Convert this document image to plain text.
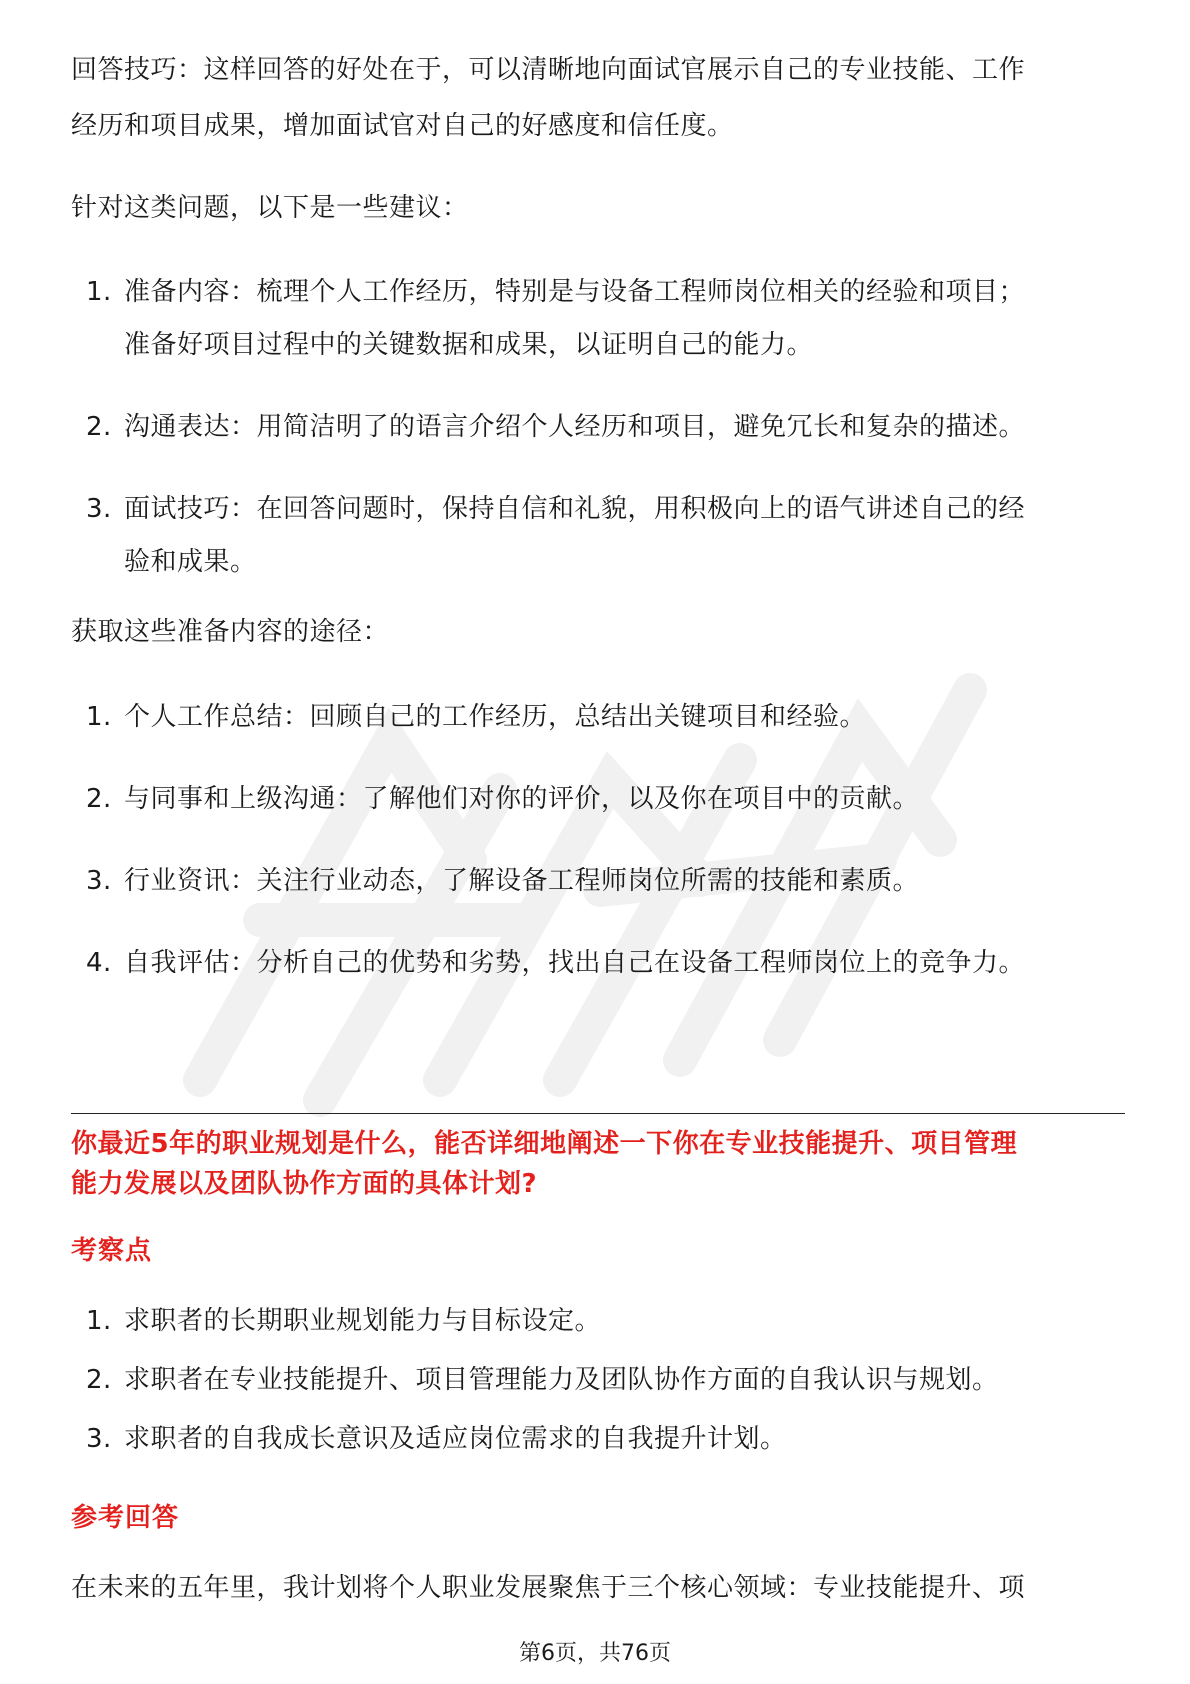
回答技巧：这样回答的好处在于，可以清晰地向面试官展示自己的专业技能、工作
经历和项目成果，增加面试官对自己的好感度和信任度。

针对这类问题，以下是一些建议：

1. 准备内容：梳理个人工作经历，特别是与设备工程师岗位相关的经验和项目；
准备好项目过程中的关键数据和成果，以证明自己的能力。
2. 沟通表达：用简洁明了的语言介绍个人经历和项目，避免冗长和复杂的描述。
3. 面试技巧：在回答问题时，保持自信和礼貌，用积极向上的语气讲述自己的经
验和成果。

获取这些准备内容的途径：

1. 个人工作总结：回顾自己的工作经历，总结出关键项目和经验。
2. 与同事和上级沟通：了解他们对你的评价，以及你在项目中的贡献。
3. 行业资讯：关注行业动态，了解设备工程师岗位所需的技能和素质。
4. 自我评估：分析自己的优势和劣势，找出自己在设备工程师岗位上的竞争力。

你最近5年的职业规划是什么，能否详细地阐述一下你在专业技能提升、项目管理
能力发展以及团队协作方面的具体计划?

考察点

1. 求职者的长期职业规划能力与目标设定。
2. 求职者在专业技能提升、项目管理能力及团队协作方面的自我认识与规划。
3. 求职者的自我成长意识及适应岗位需求的自我提升计划。

参考回答

在未来的五年里，我计划将个人职业发展聚焦于三个核心领域：专业技能提升、项

第6页，共76页
